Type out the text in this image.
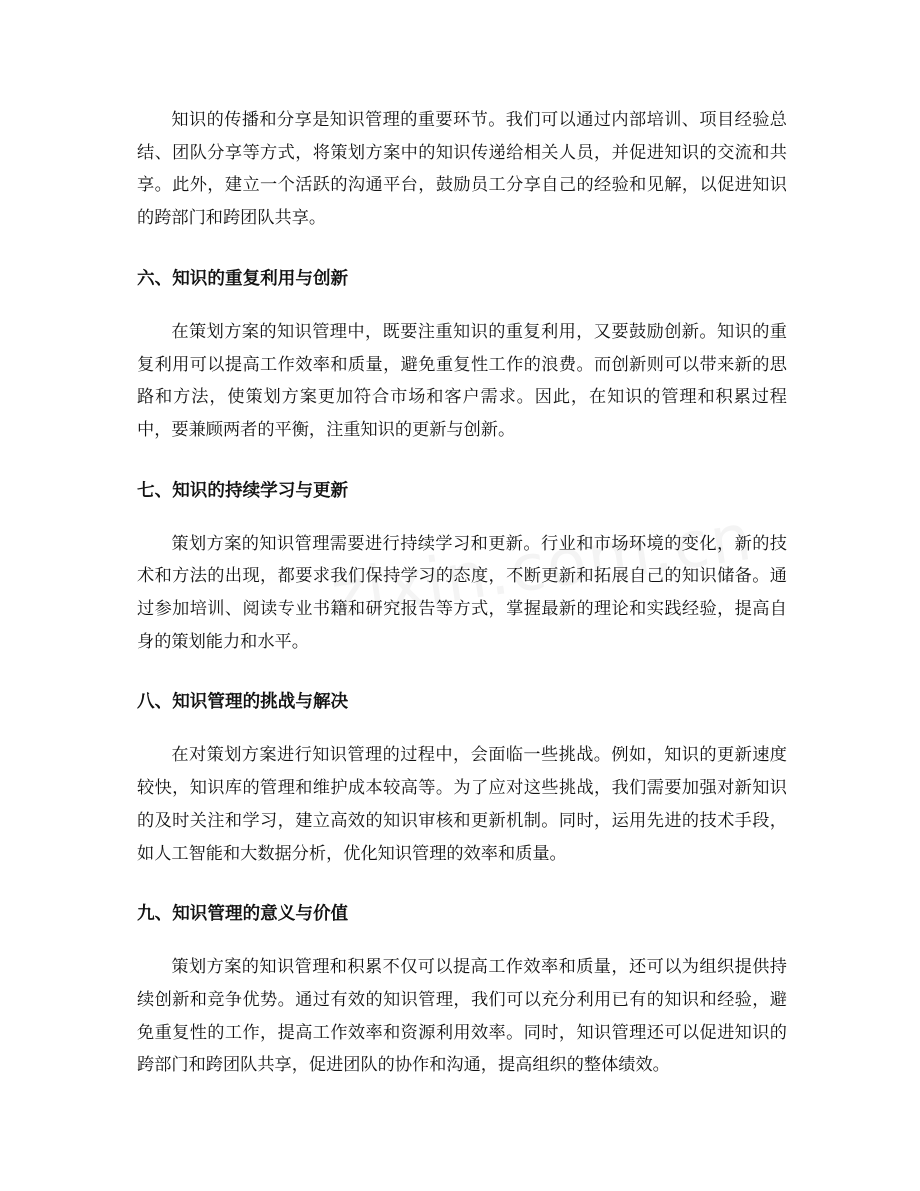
知识的传播和分享是知识管理的重要环节。我们可以通过内部培训、项目经验总结、团队分享等方式，将策划方案中的知识传递给相关人员，并促进知识的交流和共享。此外，建立一个活跃的沟通平台，鼓励员工分享自己的经验和见解，以促进知识的跨部门和跨团队共享。

六、知识的重复利用与创新

在策划方案的知识管理中，既要注重知识的重复利用，又要鼓励创新。知识的重复利用可以提高工作效率和质量，避免重复性工作的浪费。而创新则可以带来新的思路和方法，使策划方案更加符合市场和客户需求。因此，在知识的管理和积累过程中，要兼顾两者的平衡，注重知识的更新与创新。

七、知识的持续学习与更新

策划方案的知识管理需要进行持续学习和更新。行业和市场环境的变化，新的技术和方法的出现，都要求我们保持学习的态度，不断更新和拓展自己的知识储备。通过参加培训、阅读专业书籍和研究报告等方式，掌握最新的理论和实践经验，提高自身的策划能力和水平。

八、知识管理的挑战与解决

在对策划方案进行知识管理的过程中，会面临一些挑战。例如，知识的更新速度较快，知识库的管理和维护成本较高等。为了应对这些挑战，我们需要加强对新知识的及时关注和学习，建立高效的知识审核和更新机制。同时，运用先进的技术手段，如人工智能和大数据分析，优化知识管理的效率和质量。

九、知识管理的意义与价值

策划方案的知识管理和积累不仅可以提高工作效率和质量，还可以为组织提供持续创新和竞争优势。通过有效的知识管理，我们可以充分利用已有的知识和经验，避免重复性的工作，提高工作效率和资源利用效率。同时，知识管理还可以促进知识的跨部门和跨团队共享，促进团队的协作和沟通，提高组织的整体绩效。
